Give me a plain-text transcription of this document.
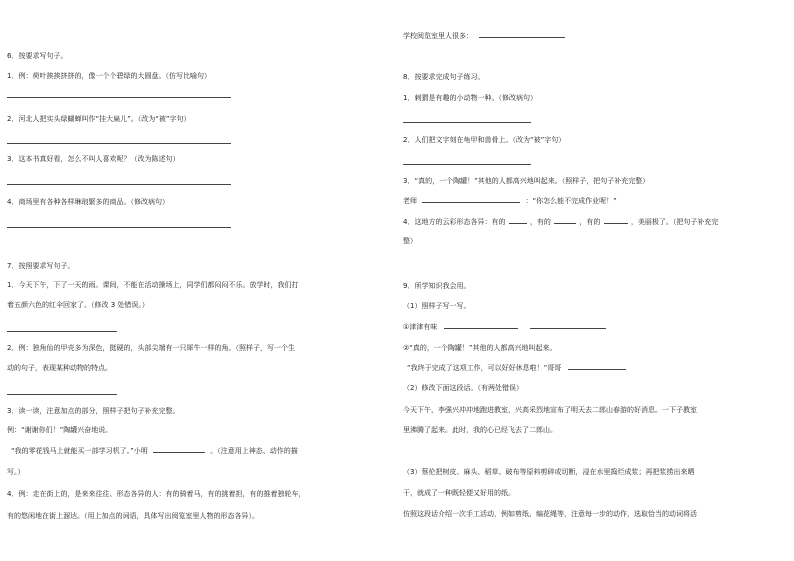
6．按要求写句子。
1．例：荷叶挨挨挤挤的，像一个个碧绿的大圆盘。（仿写比喻句）
2．河北人把实头绿蝴蝉叫作“挂大扁儿”。（改为“被”字句）
3．这本书真好看，怎么不叫人喜欢呢？（改为陈述句）
4．商场里有各种各样琳琅繁多的商品。（修改病句）
7．按照要求写句子。
1．今天下午，下了一天的雨。课间，不能在活动操场上，同学们都闷闷不乐。放学时，我们打
着五颜六色的红伞回家了。（修改 3 处错误。）
2．例：独角仙的甲壳多为深色，挺硬的，头部尖端有一只犀牛一样的角。（照样子，写一个生
动的句子，表现某种动物的特点。
3．读一读，注意加点的部分，照样子把句子补充完整。
例：“谢谢你们！”陶罐兴奋地说。
“我的零花钱马上就能买一部学习机了。”小明	。（注意用上神态、动作的描
写。）
4．例：走在街上的，是来来往往、形态各异的人：有的骑着马，有的挑着担，有的推着独轮车，
有的悠闲地在街上溜达。（用上加点的词语，具体写出阅览室里人物的形态各异）。
学校阅览室里人很多：
8．按要求完成句子练习。
1．刺猬是有趣的小动物一种。（修改病句）
2．人们把文字刻在龟甲和兽骨上。（改为“被”字句）
3．“真的，一个陶罐！”其他的人都高兴地叫起来。（照样子，把句子补充完整）
老师	：“你怎么能不完成作业呢！”
4．这地方的云彩形态各异：有的	，有的	，有的	，美丽极了。（把句子补充完
整）
9．所学知识我会用。
（1）照样子写一写。
①津津有味
②“真的，一个陶罐！”其他的人都高兴地叫起来。
“我终于完成了这项工作，可以好好休息啦！”哥哥
（2）修改下面这段话。（有两处错误）
今天下午，李强兴冲冲地跑进教室，兴高采烈地宣布了明天去二郎山春游的好消息。一下子教室
里沸腾了起来。此时，我的心已经飞去了二郎山。
（3）蔡伦把树皮、麻头、稻草、破布等原料剪碎或切断，浸在水里捣烂成浆；再把浆捞出来晒
干，就成了一种既轻便又好用的纸。
仿照这段话介绍一次手工活动，例如剪纸、编花绳等，注意每一步的动作，选取恰当的动词将活
